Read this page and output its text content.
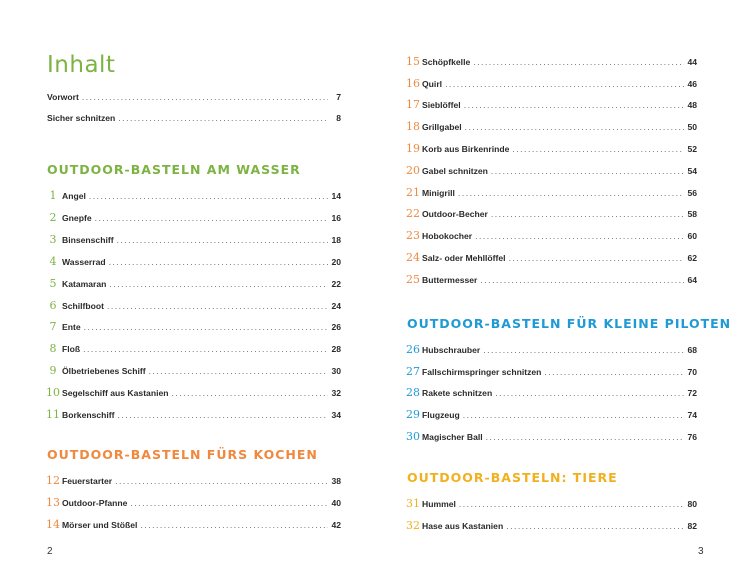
Inhalt
Vorwort .....	7
Sicher schnitzen .....	8
OUTDOOR-BASTELN AM WASSER
1 Angel .....	14
2 Gnepfe .....	16
3 Binsenschiff .....	18
4 Wasserrad .....	20
5 Katamaran .....	22
6 Schilfboot .....	24
7 Ente .....	26
8 Floß .....	28
9 Ölbetriebenes Schiff .....	30
10 Segelschiff aus Kastanien .....	32
11 Borkenschiff .....	34
OUTDOOR-BASTELN FÜRS KOCHEN
12 Feuerstarter .....	38
13 Outdoor-Pfanne .....	40
14 Mörser und Stößel .....	42
2
15 Schöpfkelle .....	44
16 Quirl .....	46
17 Sieblöffel .....	48
18 Grillgabel .....	50
19 Korb aus Birkenrinde .....	52
20 Gabel schnitzen .....	54
21 Minigrill .....	56
22 Outdoor-Becher .....	58
23 Hobokocher .....	60
24 Salz- oder Mehllöffel .....	62
25 Buttermesser .....	64
OUTDOOR-BASTELN FÜR KLEINE PILOTEN
26 Hubschrauber .....	68
27 Fallschirmspringer schnitzen .....	70
28 Rakete schnitzen .....	72
29 Flugzeug .....	74
30 Magischer Ball .....	76
OUTDOOR-BASTELN: TIERE
31 Hummel .....	80
32 Hase aus Kastanien .....	82
3
